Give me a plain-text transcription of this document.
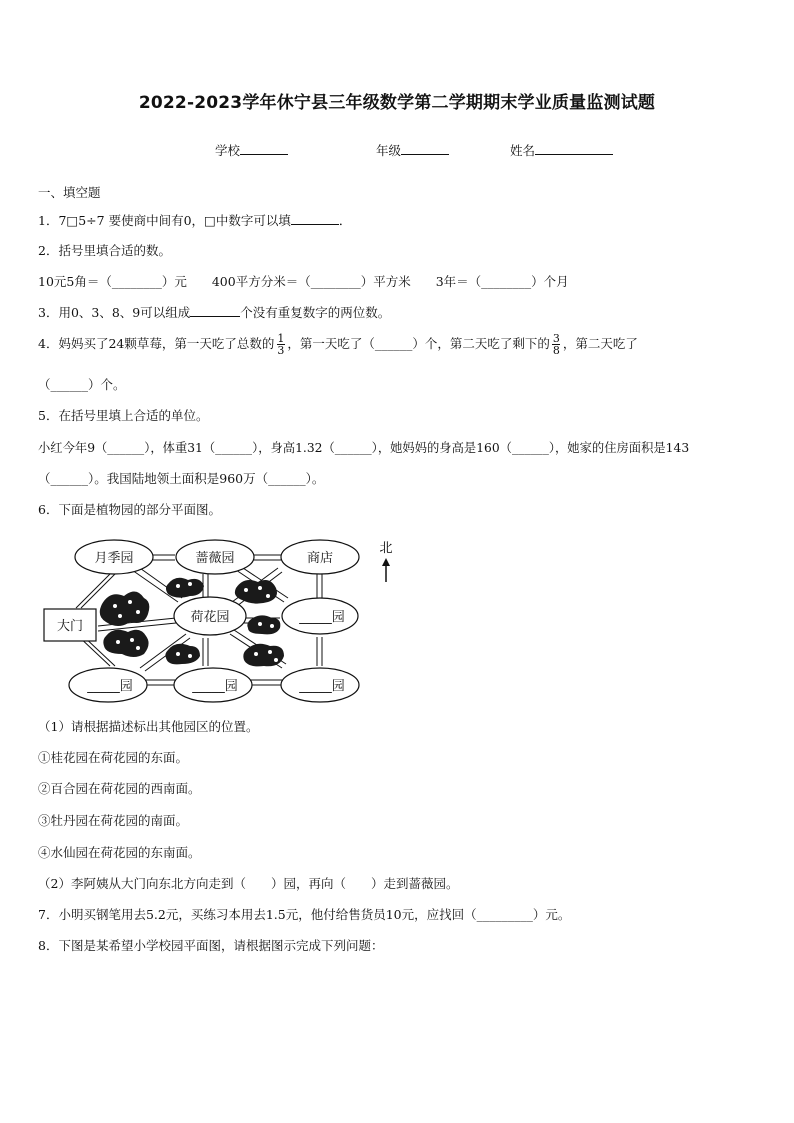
2022-2023学年休宁县三年级数学第二学期期末学业质量监测试题
学校	年级	姓名
一、填空题
1．7□5÷7 要使商中间有0，□中数字可以填	．
2．括号里填合适的数。
10元5角＝（________）元　　400平方分米＝（________）平方米　　3年＝（________）个月
3．用0、3、8、9可以组成	个没有重复数字的两位数。
4．妈妈买了24颗草莓，第一天吃了总数的 $\frac{1}{3}$ ，第一天吃了（______）个，第二天吃了剩下的 $\frac{3}{8}$ ，第二天吃了
（______）个。
5．在括号里填上合适的单位。
小红今年9（______），体重31（______），身高1.32（______），她妈妈的身高是160（______），她家的住房面积是143
（______）。我国陆地领土面积是960万（______）。
6．下面是植物园的部分平面图。
月季园	蔷薇园	商店
荷花园	_____园
大门
_____园	_____园	_____园
北
（1）请根据描述标出其他园区的位置。
①桂花园在荷花园的东面。
②百合园在荷花园的西南面。
③牡丹园在荷花园的南面。
④水仙园在荷花园的东南面。
（2）李阿姨从大门向东北方向走到（　　）园，再向（　　）走到蔷薇园。
7．小明买钢笔用去5.2元，买练习本用去1.5元，他付给售货员10元，应找回（_________）元。
8．下图是某希望小学校园平面图，请根据图示完成下列问题：
